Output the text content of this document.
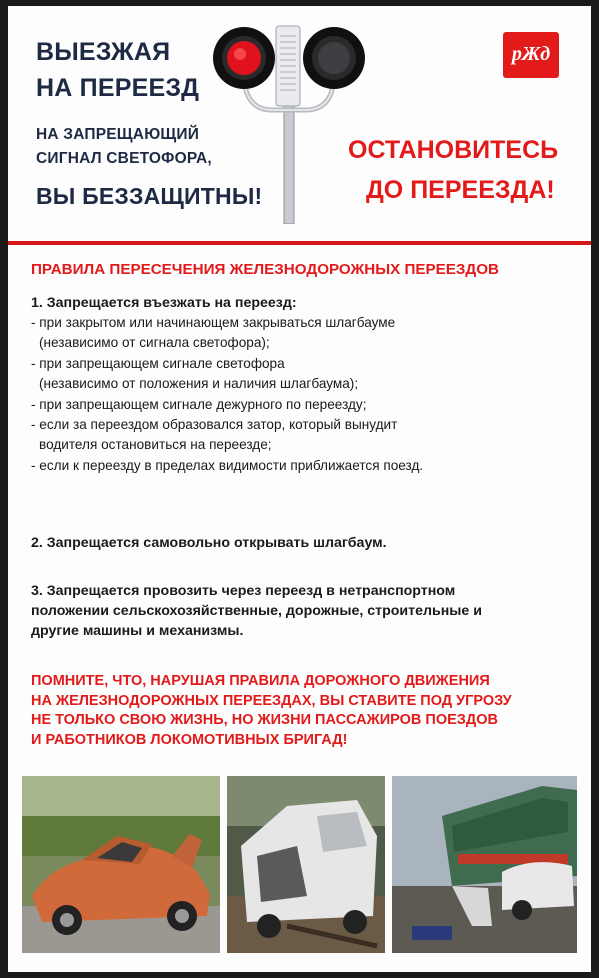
ВЫЕЗЖАЯ
НА ПЕРЕЕЗД
НА ЗАПРЕЩАЮЩИЙ
СИГНАЛ СВЕТОФОРА,
ВЫ БЕЗЗАЩИТНЫ!
рЖд
ОСТАНОВИТЕСЬ
ДО ПЕРЕЕЗДА!
ПРАВИЛА ПЕРЕСЕЧЕНИЯ ЖЕЛЕЗНОДОРОЖНЫХ ПЕРЕЕЗДОВ

1. Запрещается въезжать на переезд:

- при закрытом или начинающем закрываться шлагбауме

(независимо от сигнала светофора);

- при запрещающем сигнале светофора

(независимо от положения и наличия шлагбаума);

- при запрещающем сигнале дежурного по переезду;

- если за переездом образовался затор, который вынудит

водителя остановиться на переезде;

- если к переезду в пределах видимости приближается поезд.

2. Запрещается самовольно открывать шлагбаум.

3. Запрещается провозить через переезд в нетранспортном

положении сельскохозяйственные, дорожные, строительные и

другие машины и механизмы.

ПОМНИТЕ, ЧТО, НАРУШАЯ ПРАВИЛА ДОРОЖНОГО ДВИЖЕНИЯ
НА ЖЕЛЕЗНОДОРОЖНЫХ ПЕРЕЕЗДАХ, ВЫ СТАВИТЕ ПОД УГРОЗУ
НЕ ТОЛЬКО СВОЮ ЖИЗНЬ, НО ЖИЗНИ ПАССАЖИРОВ ПОЕЗДОВ
И РАБОТНИКОВ ЛОКОМОТИВНЫХ БРИГАД!
